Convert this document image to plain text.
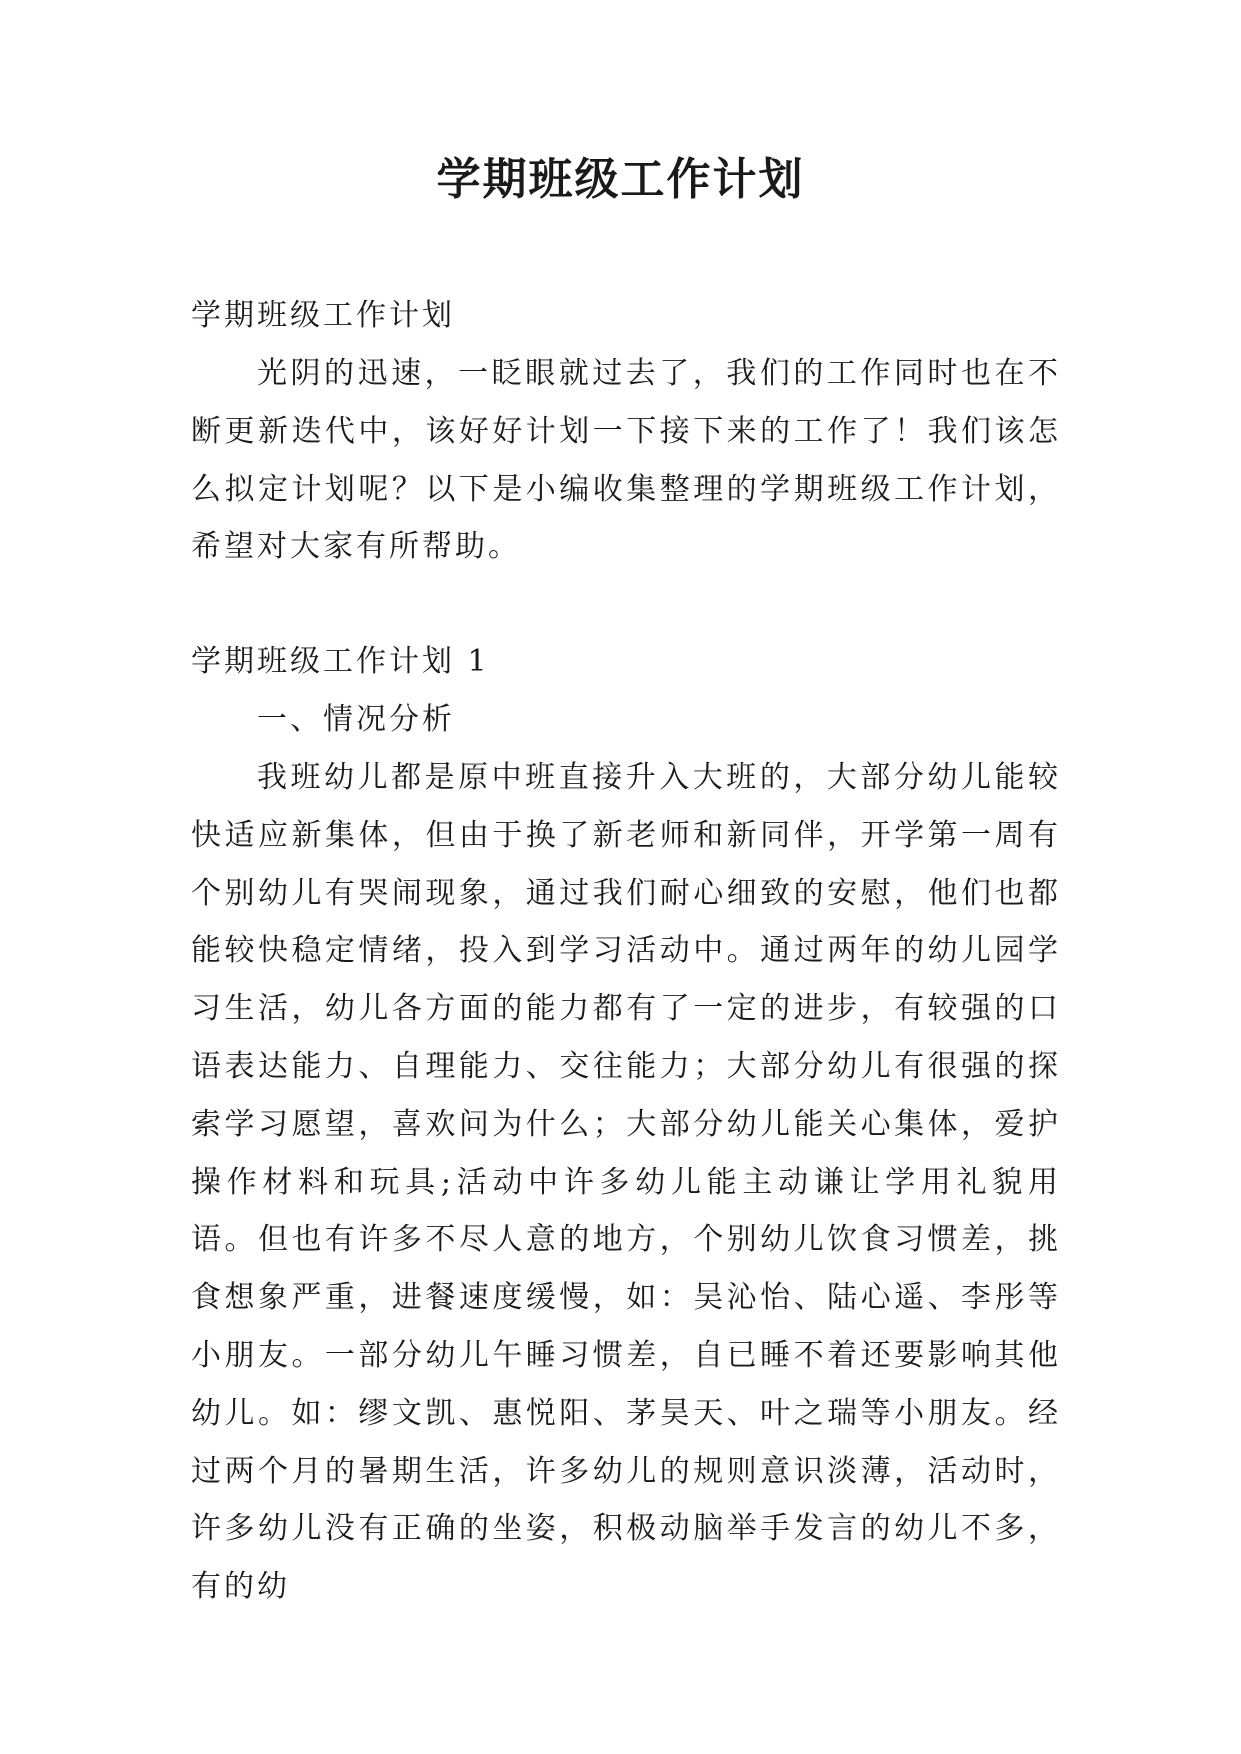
学期班级工作计划

学期班级工作计划

光阴的迅速，一眨眼就过去了，我们的工作同时也在不断更新迭代中，该好好计划一下接下来的工作了！我们该怎么拟定计划呢？以下是小编收集整理的学期班级工作计划，希望对大家有所帮助。

学期班级工作计划 1

一、情况分析

我班幼儿都是原中班直接升入大班的，大部分幼儿能较快适应新集体，但由于换了新老师和新同伴，开学第一周有个别幼儿有哭闹现象，通过我们耐心细致的安慰，他们也都能较快稳定情绪，投入到学习活动中。通过两年的幼儿园学习生活，幼儿各方面的能力都有了一定的进步，有较强的口语表达能力、自理能力、交往能力；大部分幼儿有很强的探索学习愿望，喜欢问为什么；大部分幼儿能关心集体，爱护操作材料和玩具;活动中许多幼儿能主动谦让学用礼貌用语。但也有许多不尽人意的地方，个别幼儿饮食习惯差，挑食想象严重，进餐速度缓慢，如：吴沁怡、陆心遥、李彤等小朋友。一部分幼儿午睡习惯差，自已睡不着还要影响其他幼儿。如：缪文凯、惠悦阳、茅昊天、叶之瑞等小朋友。经过两个月的暑期生活，许多幼儿的规则意识淡薄，活动时，许多幼儿没有正确的坐姿，积极动脑举手发言的幼儿不多，有的幼
